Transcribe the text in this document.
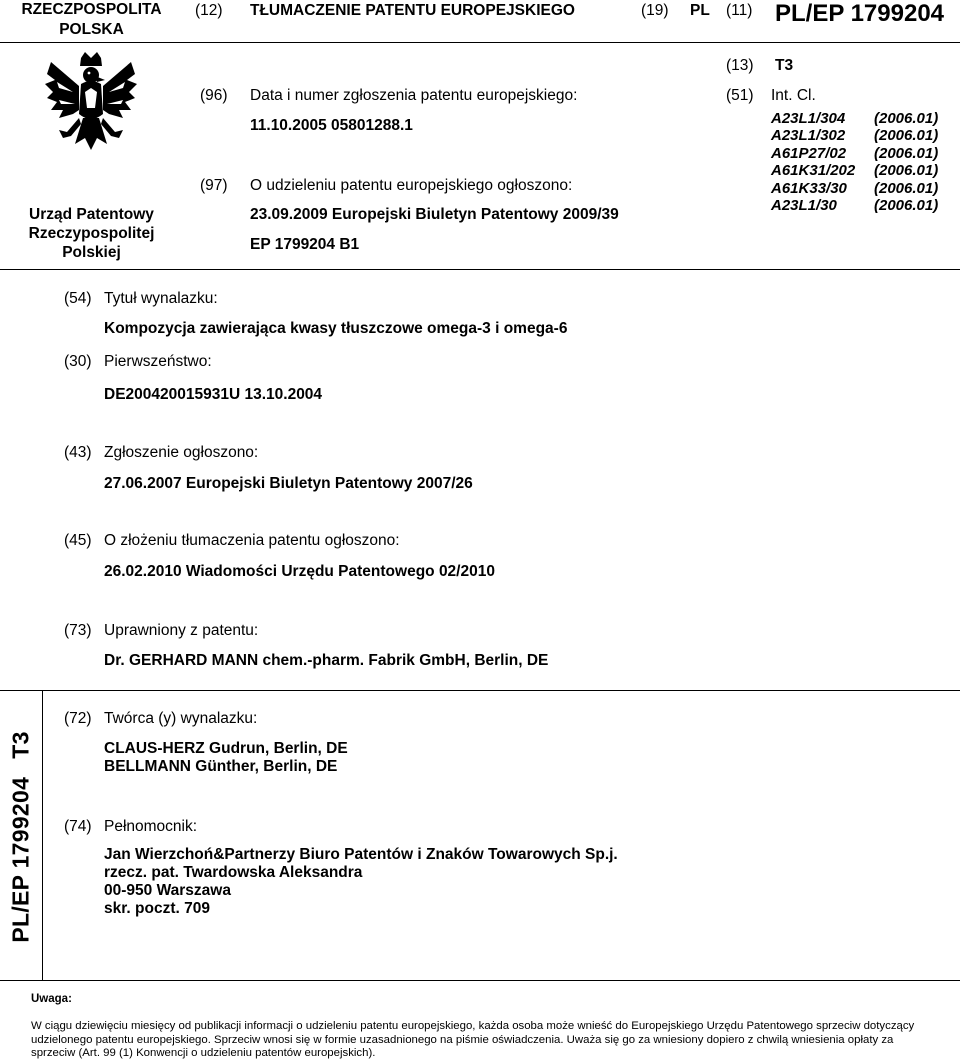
RZECZPOSPOLITA
POLSKA
(12) TŁUMACZENIE PATENTU EUROPEJSKIEGO	(19) PL (11) PL/EP 1799204
(13) T3
Urząd Patentowy
Rzeczypospolitej
Polskiej
(96) Data i numer zgłoszenia patentu europejskiego:
11.10.2005 05801288.1
(97) O udzieleniu patentu europejskiego ogłoszono:
23.09.2009 Europejski Biuletyn Patentowy 2009/39
EP 1799204 B1
(51) Int. Cl.
A23L1/304	(2006.01)
A23L1/302	(2006.01)
A61P27/02	(2006.01)
A61K31/202	(2006.01)
A61K33/30	(2006.01)
A23L1/30	(2006.01)
(54) Tytuł wynalazku:
Kompozycja zawierająca kwasy tłuszczowe omega-3 i omega-6
(30) Pierwszeństwo:
DE200420015931U 13.10.2004
(43) Zgłoszenie ogłoszono:
27.06.2007 Europejski Biuletyn Patentowy 2007/26
(45) O złożeniu tłumaczenia patentu ogłoszono:
26.02.2010 Wiadomości Urzędu Patentowego 02/2010
(73) Uprawniony z patentu:
Dr. GERHARD MANN chem.-pharm. Fabrik GmbH, Berlin, DE
PL/EP 1799204T3
(72) Twórca (y) wynalazku:
CLAUS-HERZ Gudrun, Berlin, DE
BELLMANN Günther, Berlin, DE
(74) Pełnomocnik:
Jan Wierzchoń&Partnerzy Biuro Patentów i Znaków Towarowych Sp.j.
rzecz. pat. Twardowska Aleksandra
00-950 Warszawa
skr. poczt. 709
Uwaga:
W ciągu dziewięciu miesięcy od publikacji informacji o udzieleniu patentu europejskiego, każda osoba może wnieść do Europejskiego Urzędu Patentowego sprzeciw dotyczący udzielonego patentu europejskiego. Sprzeciw wnosi się w formie uzasadnionego na piśmie oświadczenia. Uważa się go za wniesiony dopiero z chwilą wniesienia opłaty za sprzeciw (Art. 99 (1) Konwencji o udzieleniu patentów europejskich).
